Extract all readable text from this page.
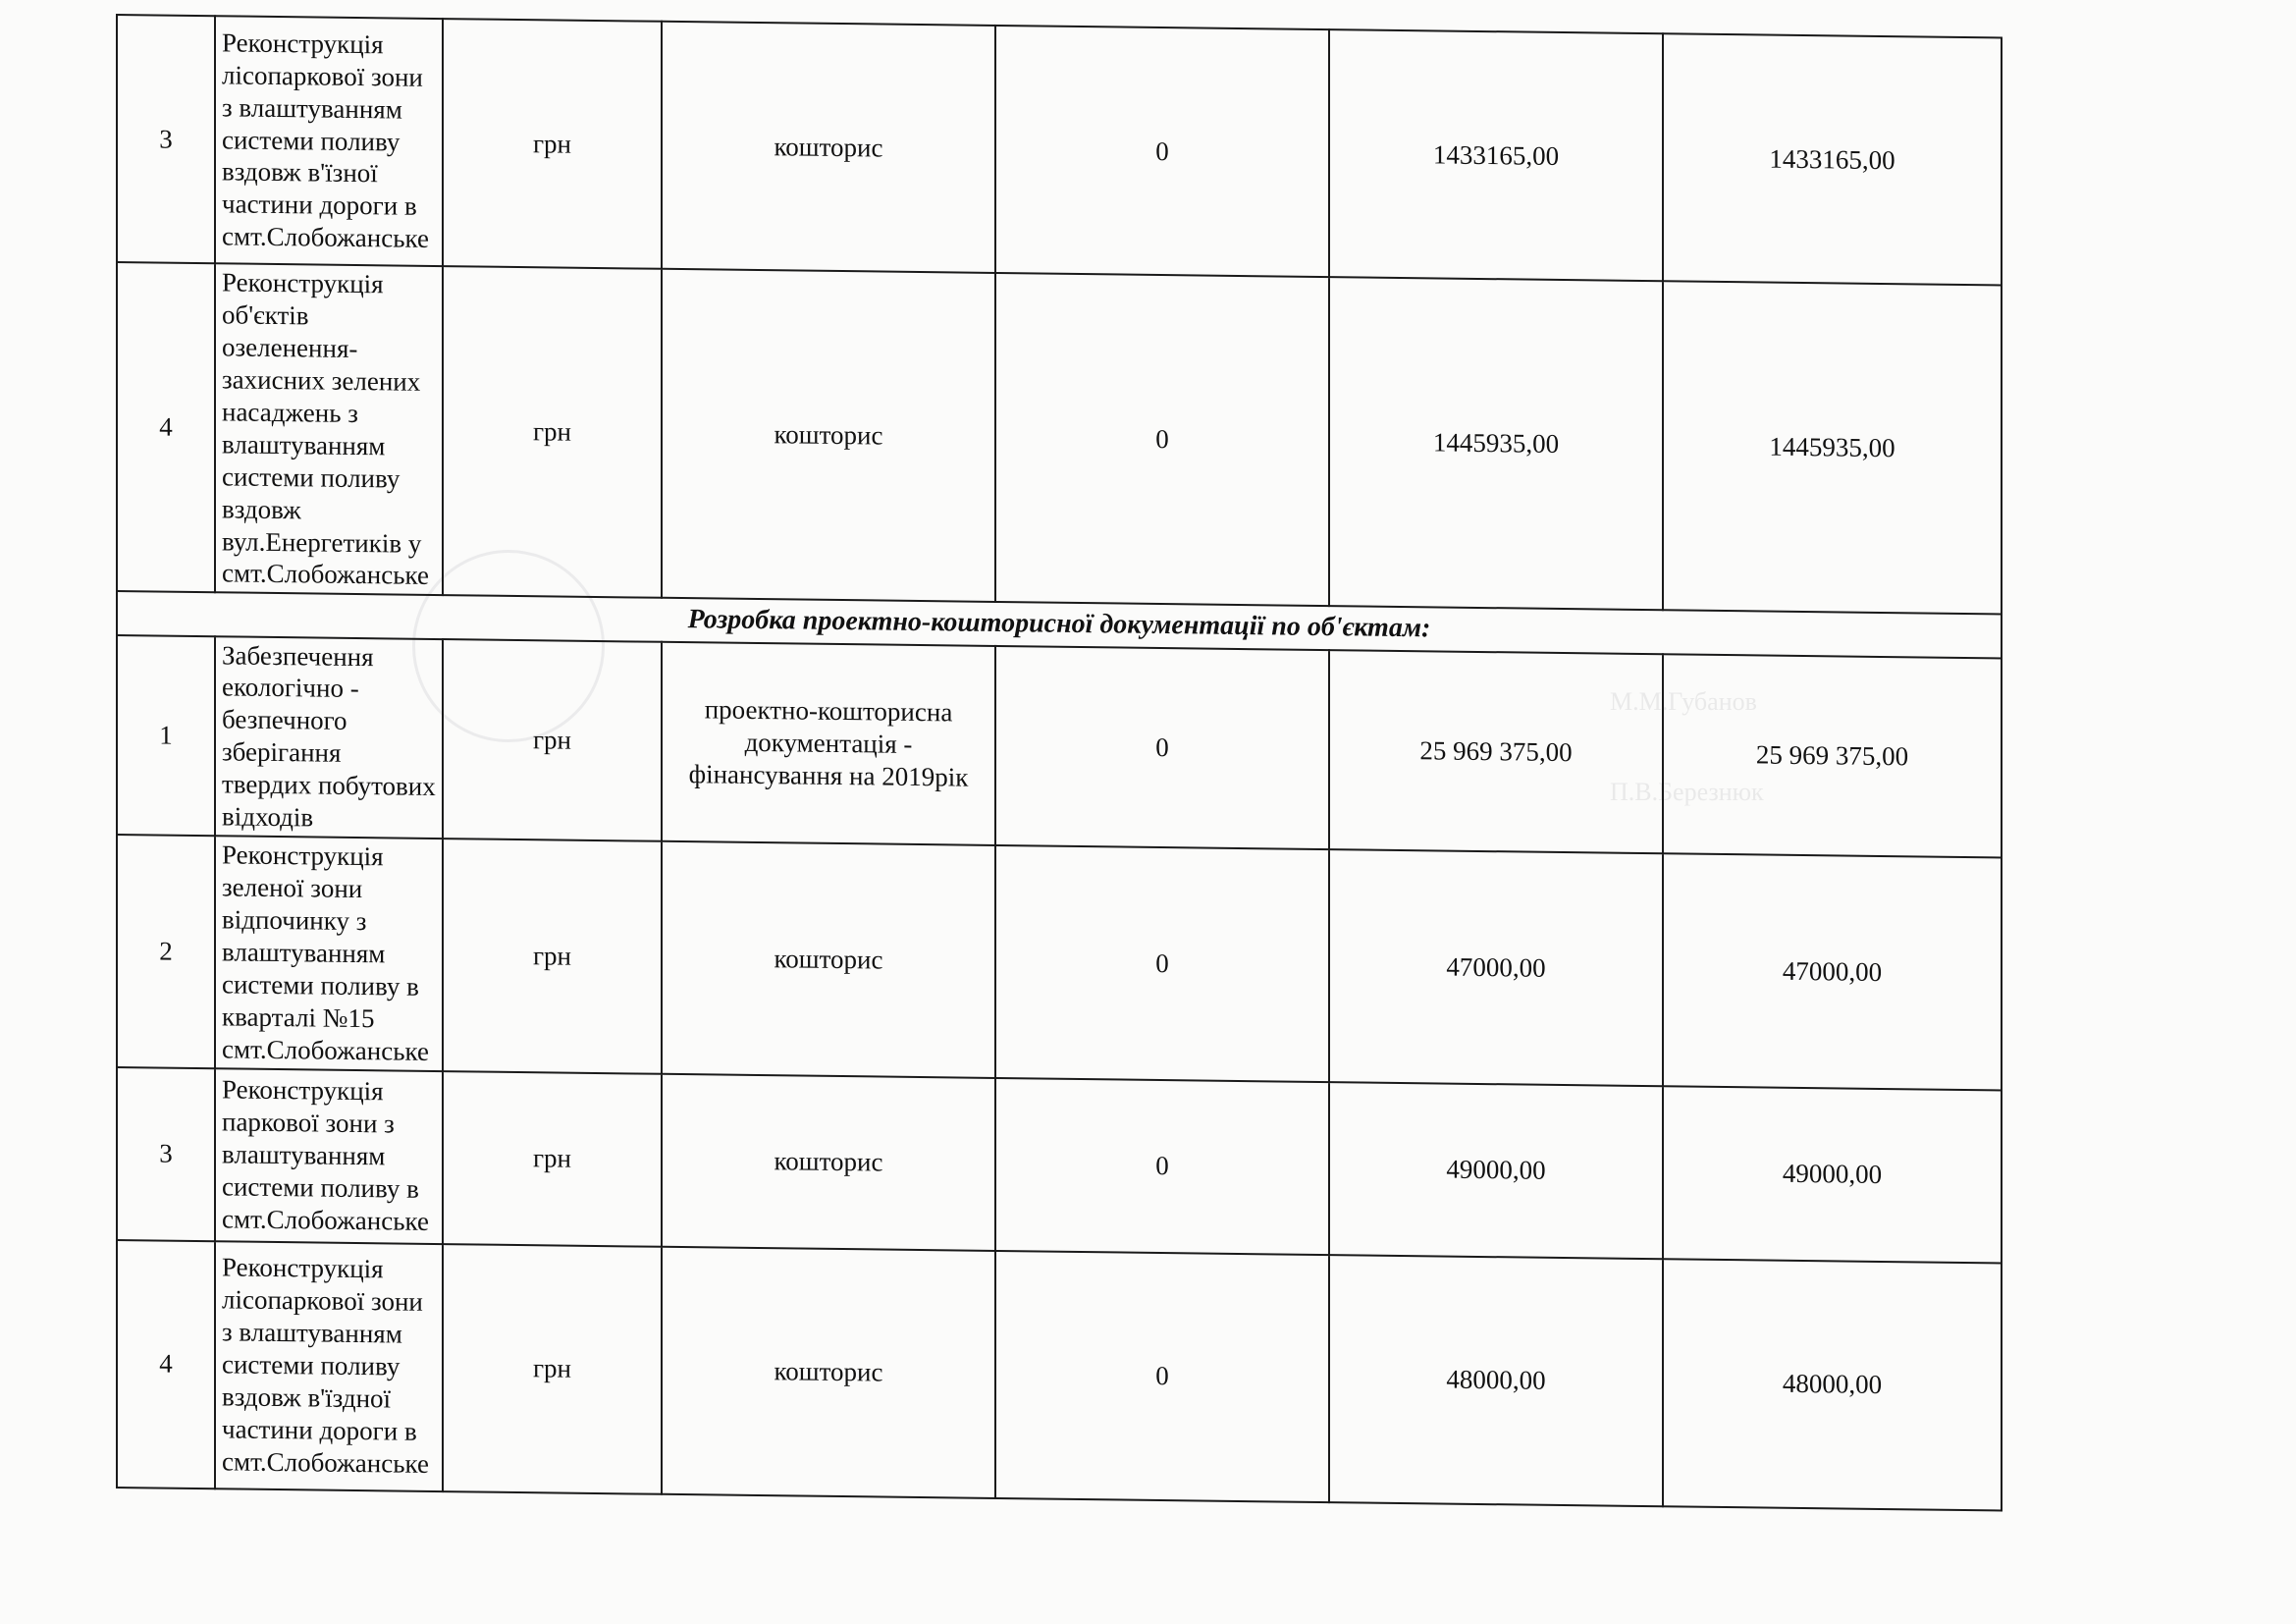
М.М.Губанов
П.В.Березнюк
3	Реконструкція лісопаркової зони з влаштуванням системи поливу вздовж в'їзної частини дороги в смт.Слобожанське	грн	кошторис	0	1433165,00	1433165,00
4	Реконструкція об'єктів озеленення- захисних зелених насаджень з влаштуванням системи поливу вздовж вул.Енергетиків у смт.Слобожанське	грн	кошторис	0	1445935,00	1445935,00
Розробка проектно-кошторисної документації по об'єктам:						
1	Забезпечення екологічно - безпечного зберігання твердих побутових відходів	грн	проектно-кошторисна документація - фінансування на 2019рік	0	25 969 375,00	25 969 375,00
2	Реконструкція зеленої зони відпочинку з влаштуванням системи поливу в кварталі №15 смт.Слобожанське	грн	кошторис	0	47000,00	47000,00
3	Реконструкція паркової зони з влаштуванням системи поливу в смт.Слобожанське	грн	кошторис	0	49000,00	49000,00
4	Реконструкція лісопаркової зони з влаштуванням системи поливу вздовж в'їздної частини дороги в смт.Слобожанське	грн	кошторис	0	48000,00	48000,00
